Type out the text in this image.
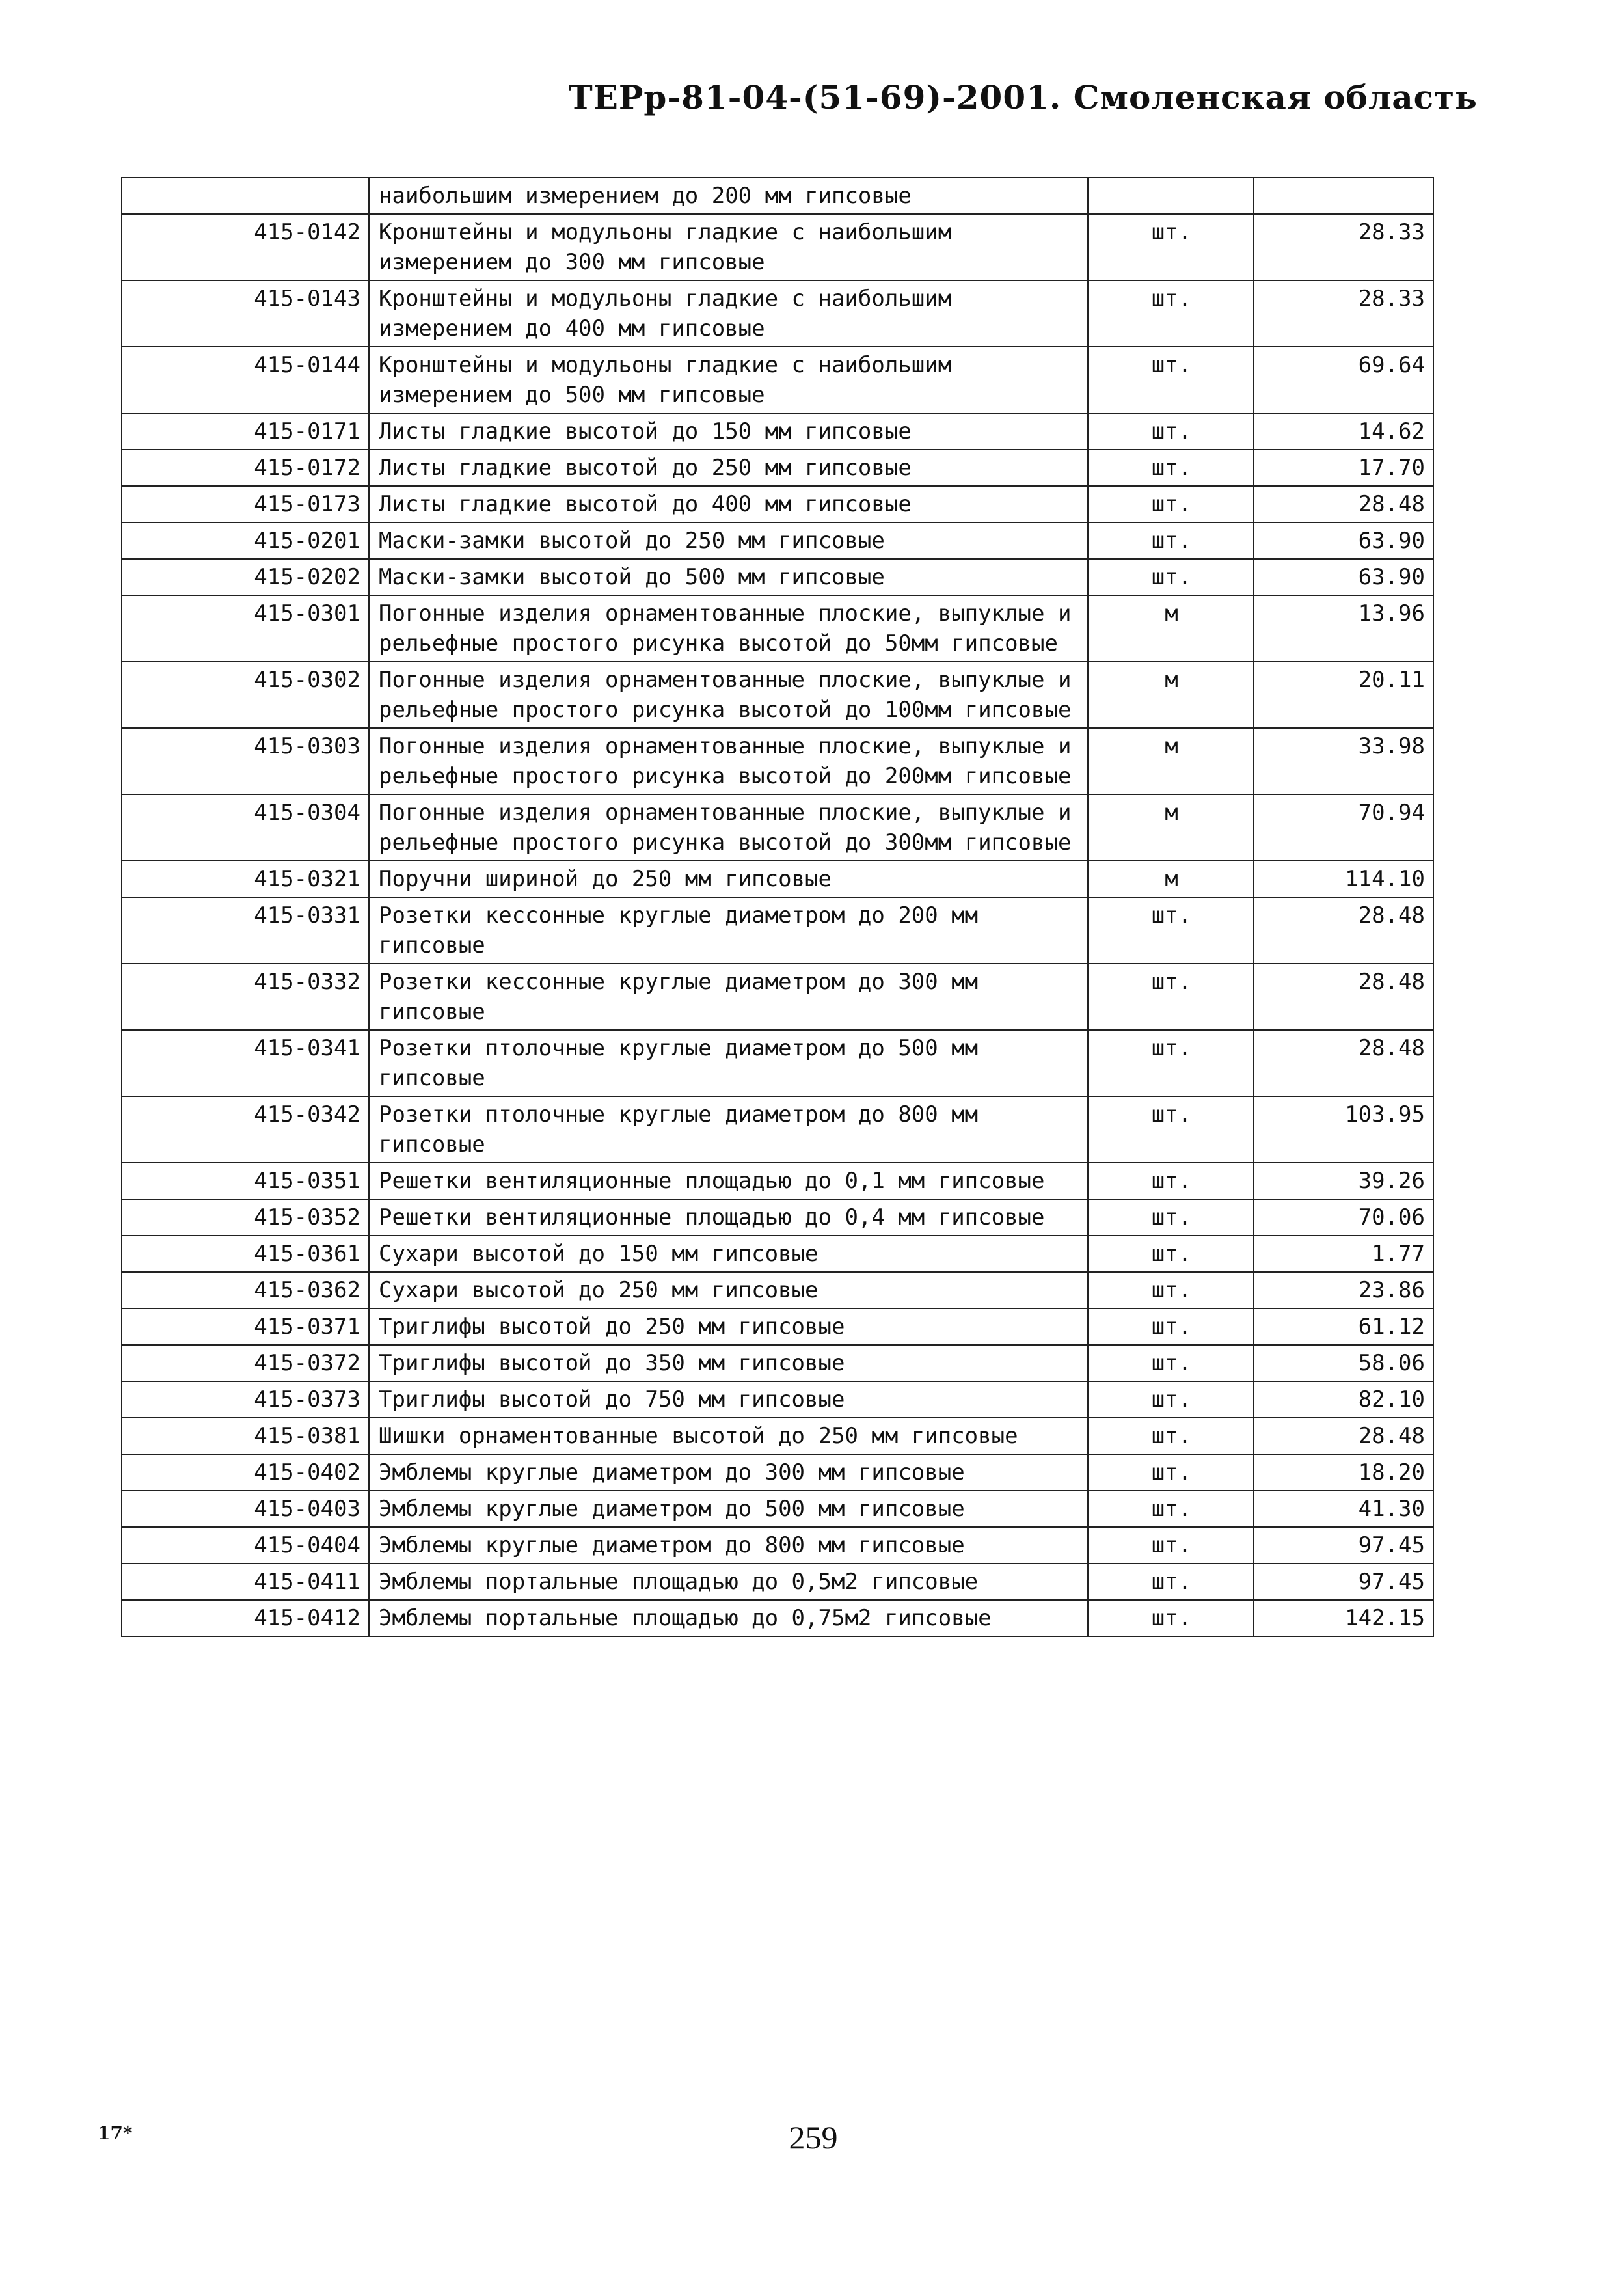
ТЕРр-81-04-(51-69)-2001. Смоленская область
	наибольшим измерением до 200 мм гипсовые		
415-0142	Кронштейны и модульоны гладкие с наибольшим измерением до 300 мм гипсовые	шт.	28.33
415-0143	Кронштейны и модульоны гладкие с наибольшим измерением до 400 мм гипсовые	шт.	28.33
415-0144	Кронштейны и модульоны гладкие с наибольшим измерением до 500 мм гипсовые	шт.	69.64
415-0171	Листы гладкие высотой до 150 мм гипсовые	шт.	14.62
415-0172	Листы гладкие высотой до 250 мм гипсовые	шт.	17.70
415-0173	Листы гладкие высотой до 400 мм гипсовые	шт.	28.48
415-0201	Маски-замки высотой до 250 мм гипсовые	шт.	63.90
415-0202	Маски-замки высотой до 500 мм гипсовые	шт.	63.90
415-0301	Погонные изделия орнаментованные плоские, выпуклые и рельефные простого рисунка высотой до 50мм гипсовые	м	13.96
415-0302	Погонные изделия орнаментованные плоские, выпуклые и рельефные простого рисунка высотой до 100мм гипсовые	м	20.11
415-0303	Погонные изделия орнаментованные плоские, выпуклые и рельефные простого рисунка высотой до 200мм гипсовые	м	33.98
415-0304	Погонные изделия орнаментованные плоские, выпуклые и рельефные простого рисунка высотой до 300мм гипсовые	м	70.94
415-0321	Поручни шириной до 250 мм гипсовые	м	114.10
415-0331	Розетки кессонные круглые диаметром до 200 мм гипсовые	шт.	28.48
415-0332	Розетки кессонные круглые диаметром до 300 мм гипсовые	шт.	28.48
415-0341	Розетки птолочные круглые диаметром до 500 мм гипсовые	шт.	28.48
415-0342	Розетки птолочные круглые диаметром до 800 мм гипсовые	шт.	103.95
415-0351	Решетки вентиляционные площадью до 0,1 мм гипсовые	шт.	39.26
415-0352	Решетки вентиляционные площадью до 0,4 мм гипсовые	шт.	70.06
415-0361	Сухари высотой до 150 мм гипсовые	шт.	1.77
415-0362	Сухари высотой до 250 мм гипсовые	шт.	23.86
415-0371	Триглифы высотой до 250 мм гипсовые	шт.	61.12
415-0372	Триглифы высотой до 350 мм гипсовые	шт.	58.06
415-0373	Триглифы высотой до 750 мм гипсовые	шт.	82.10
415-0381	Шишки орнаментованные высотой до 250 мм гипсовые	шт.	28.48
415-0402	Эмблемы круглые диаметром до 300 мм гипсовые	шт.	18.20
415-0403	Эмблемы круглые диаметром до 500 мм гипсовые	шт.	41.30
415-0404	Эмблемы круглые диаметром до 800 мм гипсовые	шт.	97.45
415-0411	Эмблемы портальные площадью до 0,5м2 гипсовые	шт.	97.45
415-0412	Эмблемы портальные площадью до 0,75м2 гипсовые	шт.	142.15
17*	259
